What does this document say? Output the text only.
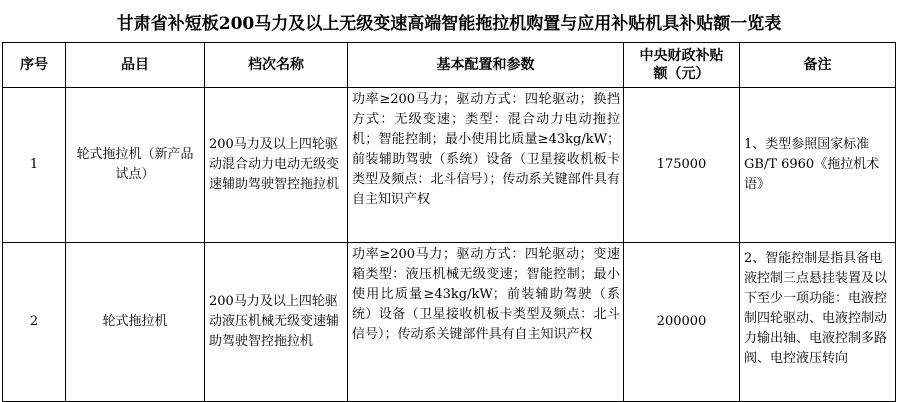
甘肃省补短板200马力及以上无级变速高端智能拖拉机购置与应用补贴机具补贴额一览表
序号	品目	档次名称	基本配置和参数	中央财政补贴额（元）	备注
1	轮式拖拉机（新产品试点）	200马力及以上四轮驱动混合动力电动无级变速辅助驾驶智控拖拉机	功率≥200马力；驱动方式：四轮驱动；换挡方式：无级变速；类型：混合动力电动拖拉机；智能控制；最小使用比质量≥43kg/kW；前装辅助驾驶（系统）设备（卫星接收机板卡类型及频点：北斗信号）；传动系关键部件具有自主知识产权	175000	1、类型参照国家标准GB/T 6960《拖拉机术语》
2	轮式拖拉机	200马力及以上四轮驱动液压机械无级变速辅助驾驶智控拖拉机	功率≥200马力；驱动方式：四轮驱动；变速箱类型：液压机械无级变速；智能控制；最小使用比质量≥43kg/kW；前装辅助驾驶（系统）设备（卫星接收机板卡类型及频点：北斗信号）；传动系关键部件具有自主知识产权	200000	2、智能控制是指具备电液控制三点悬挂装置及以下至少一项功能：电液控制四轮驱动、电液控制动力输出轴、电液控制多路阀、电控液压转向
